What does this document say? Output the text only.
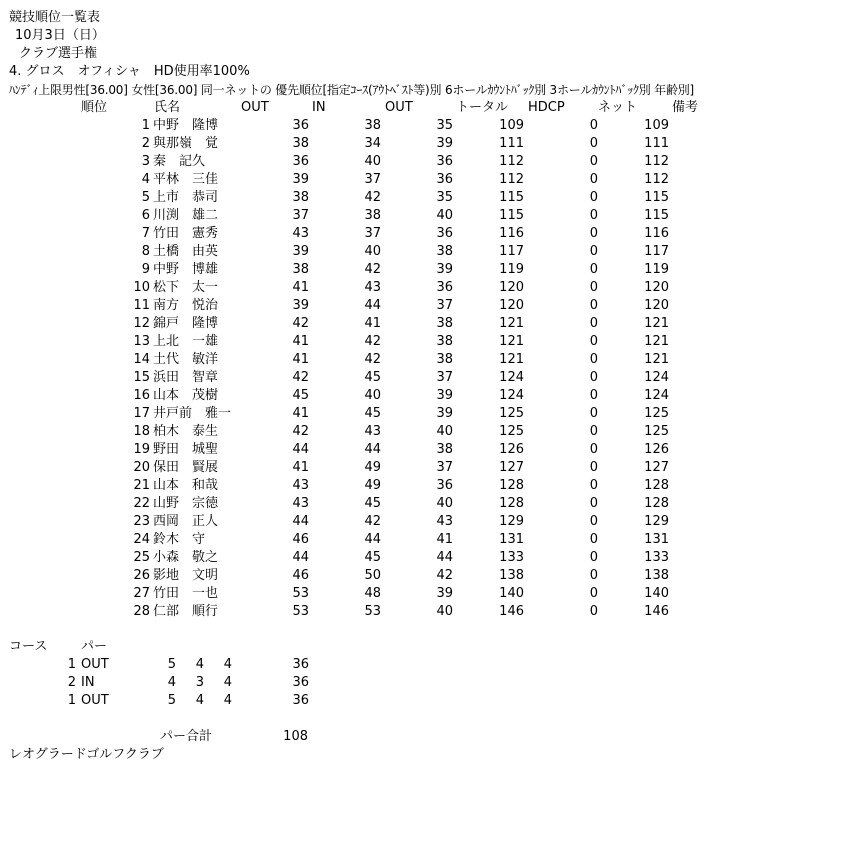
競技順位一覧表
10月3日（日）
クラブ選手権
4. グロス　オフィシャ　HD使用率100%
ﾊﾝﾃﾞｨ上限男性[36.00] 女性[36.00] 同一ネットの 優先順位[指定ｺｰｽ(ｱｳﾄﾍﾞｽﾄ等)別 6ホールｶｳﾝﾄﾊﾞｯｸ別 3ホールｶｳﾝﾄﾊﾞｯｸ別 年齢別]
順位	氏名	OUT	IN	OUT	トータル HDCP	ネット	備考
1 中野　隆博	36	38	35	109	0	109
2 與那嶺　覚	38	34	39	111	0	111
3 秦　記久	36	40	36	112	0	112
4 平林　三佳	39	37	36	112	0	112
5 上市　恭司	38	42	35	115	0	115
6 川渕　雄二	37	38	40	115	0	115
7 竹田　憲秀	43	37	36	116	0	116
8 土橋　由英	39	40	38	117	0	117
9 中野　博雄	38	42	39	119	0	119
10 松下　太一	41	43	36	120	0	120
11 南方　悦治	39	44	37	120	0	120
12 錦戸　隆博	42	41	38	121	0	121
13 上北　一雄	41	42	38	121	0	121
14 土代　敏洋	41	42	38	121	0	121
15 浜田　智章	42	45	37	124	0	124
16 山本　茂樹	45	40	39	124	0	124
17 井戸前　雅一	41	45	39	125	0	125
18 柏木　泰生	42	43	40	125	0	125
19 野田　城聖	44	44	38	126	0	126
20 保田　賢展	41	49	37	127	0	127
21 山本　和哉	43	49	36	128	0	128
22 山野　宗徳	43	45	40	128	0	128
23 西岡　正人	44	42	43	129	0	129
24 鈴木　守	46	44	41	131	0	131
25 小森　敬之	44	45	44	133	0	133
26 影地　文明	46	50	42	138	0	138
27 竹田　一也	53	48	39	140	0	140
28 仁部　順行	53	53	40	146	0	146
コース	パー
1 OUT	5	4	4	36
2 IN	4	3	4	36
1 OUT	5	4	4	36
パー合計	108
レオグラードゴルフクラブ
